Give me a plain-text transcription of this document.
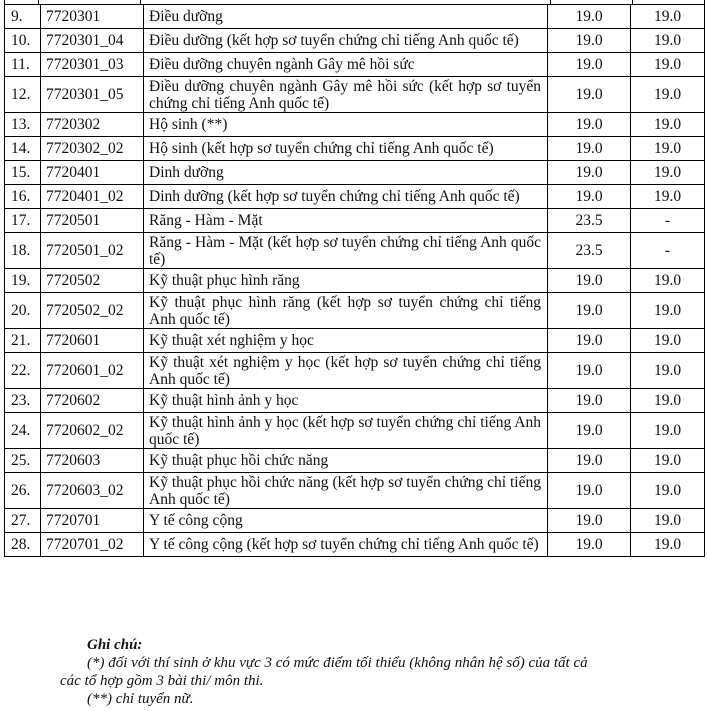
9.	7720301	Điều dưỡng	19.0	19.0
10.	7720301_04	Điều dưỡng (kết hợp sơ tuyển chứng chỉ tiếng Anh quốc tế)	19.0	19.0
11.	7720301_03	Điều dưỡng chuyên ngành Gây mê hồi sức	19.0	19.0
12.	7720301_05	Điều dưỡng chuyên ngành Gây mê hồi sức (kết hợp sơ tuyển chứng chỉ tiếng Anh quốc tế)	19.0	19.0
13.	7720302	Hộ sinh (**)	19.0	19.0
14.	7720302_02	Hộ sinh (kết hợp sơ tuyển chứng chỉ tiếng Anh quốc tế)	19.0	19.0
15.	7720401	Dinh dưỡng	19.0	19.0
16.	7720401_02	Dinh dưỡng (kết hợp sơ tuyển chứng chỉ tiếng Anh quốc tế)	19.0	19.0
17.	7720501	Răng - Hàm - Mặt	23.5	-
18.	7720501_02	Răng - Hàm - Mặt (kết hợp sơ tuyển chứng chỉ tiếng Anh quốc tế)	23.5	-
19.	7720502	Kỹ thuật phục hình răng	19.0	19.0
20.	7720502_02	Kỹ thuật phục hình răng (kết hợp sơ tuyển chứng chỉ tiếng Anh quốc tế)	19.0	19.0
21.	7720601	Kỹ thuật xét nghiệm y học	19.0	19.0
22.	7720601_02	Kỹ thuật xét nghiệm y học (kết hợp sơ tuyển chứng chỉ tiếng Anh quốc tế)	19.0	19.0
23.	7720602	Kỹ thuật hình ảnh y học	19.0	19.0
24.	7720602_02	Kỹ thuật hình ảnh y học (kết hợp sơ tuyển chứng chỉ tiếng Anh quốc tế)	19.0	19.0
25.	7720603	Kỹ thuật phục hồi chức năng	19.0	19.0
26.	7720603_02	Kỹ thuật phục hồi chức năng (kết hợp sơ tuyển chứng chỉ tiếng Anh quốc tế)	19.0	19.0
27.	7720701	Y tế công cộng	19.0	19.0
28.	7720701_02	Y tế công cộng (kết hợp sơ tuyển chứng chỉ tiếng Anh quốc tế)	19.0	19.0
Ghi chú:
(*) đối với thí sinh ở khu vực 3 có mức điểm tối thiểu (không nhân hệ số) của tất cả
các tổ hợp gồm 3 bài thi/ môn thi.
(**) chỉ tuyển nữ.
